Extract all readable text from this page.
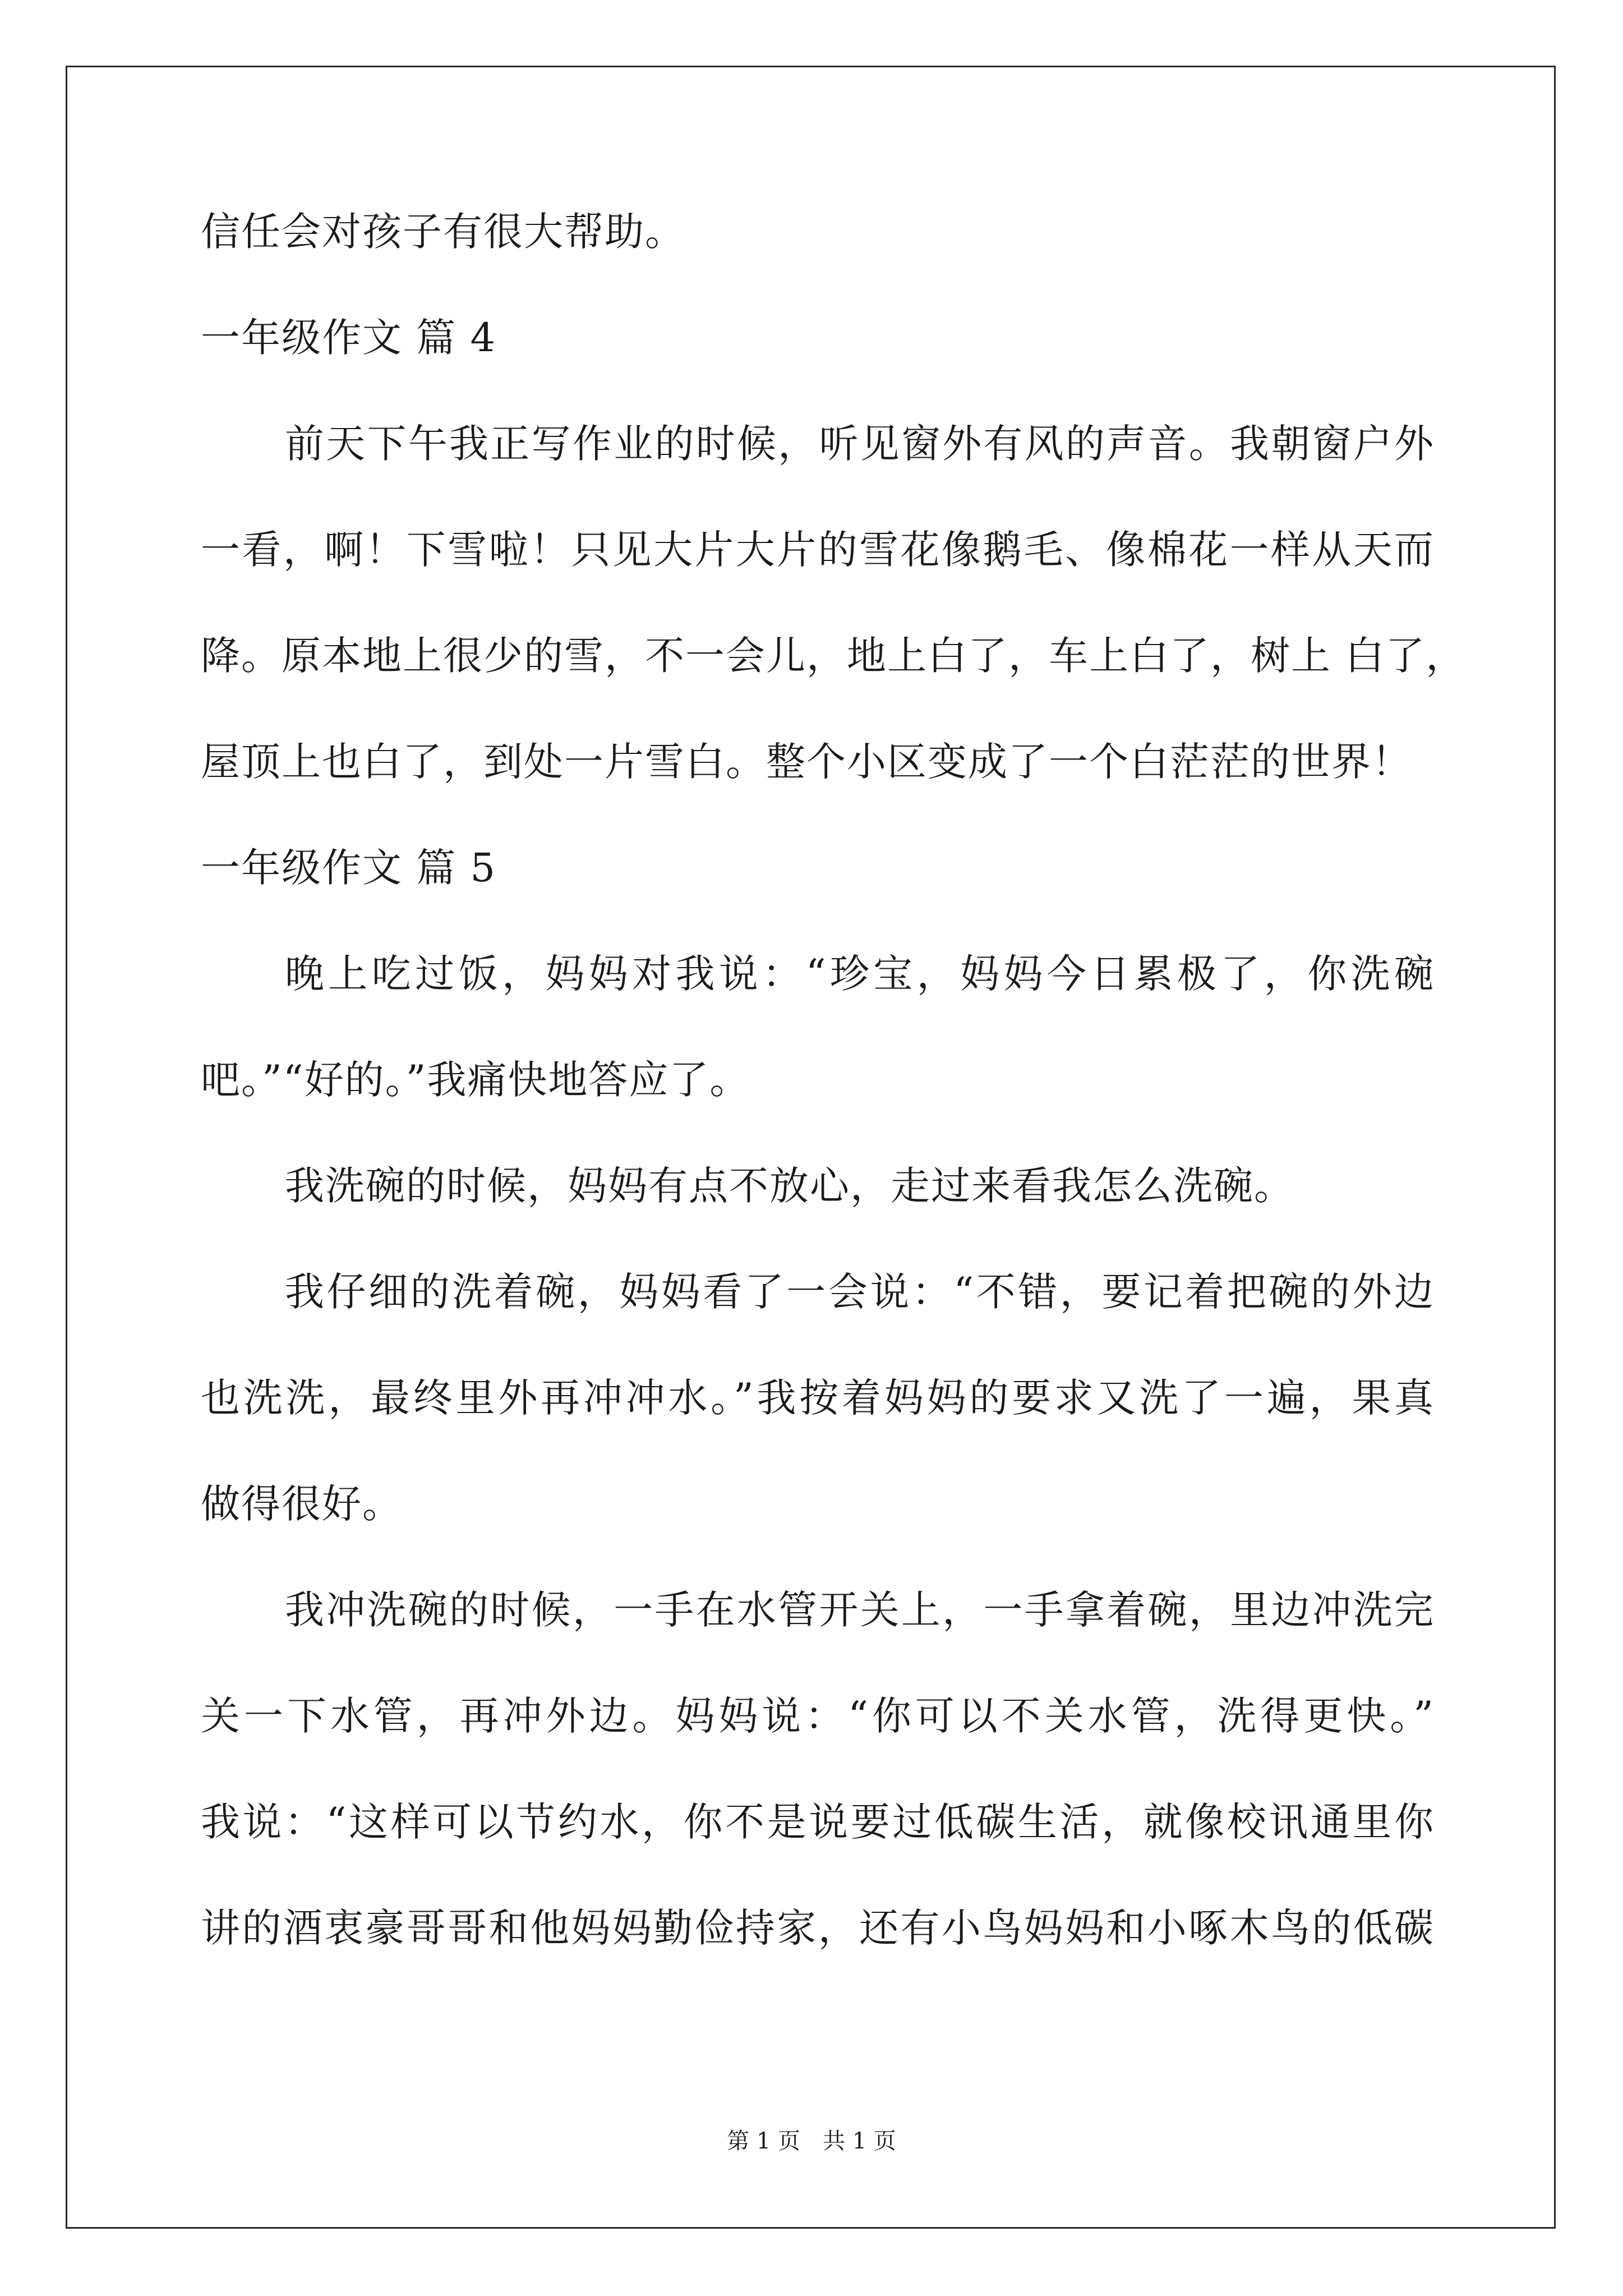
信任会对孩子有很大帮助。
一年级作文 篇 4
前天下午我正写作业的时候，听见窗外有风的声音。我朝窗户外
一看，啊！下雪啦！只见大片大片的雪花像鹅毛、像棉花一样从天而
降。原本地上很少的雪，不一会儿，地上白了，车上白了，树上 白了，
屋顶上也白了，到处一片雪白。整个小区变成了一个白茫茫的世界！
一年级作文 篇 5
晚上吃过饭，妈妈对我说：“珍宝，妈妈今日累极了，你洗碗
吧。”“好的。”我痛快地答应了。
我洗碗的时候，妈妈有点不放心，走过来看我怎么洗碗。
我仔细的洗着碗，妈妈看了一会说：“不错，要记着把碗的外边
也洗洗，最终里外再冲冲水。”我按着妈妈的要求又洗了一遍，果真
做得很好。
我冲洗碗的时候，一手在水管开关上，一手拿着碗，里边冲洗完
关一下水管，再冲外边。妈妈说：“你可以不关水管，洗得更快。”
我说：“这样可以节约水，你不是说要过低碳生活，就像校讯通里你
讲的酒衷豪哥哥和他妈妈勤俭持家，还有小鸟妈妈和小啄木鸟的低碳
第 1 页　共 1 页
